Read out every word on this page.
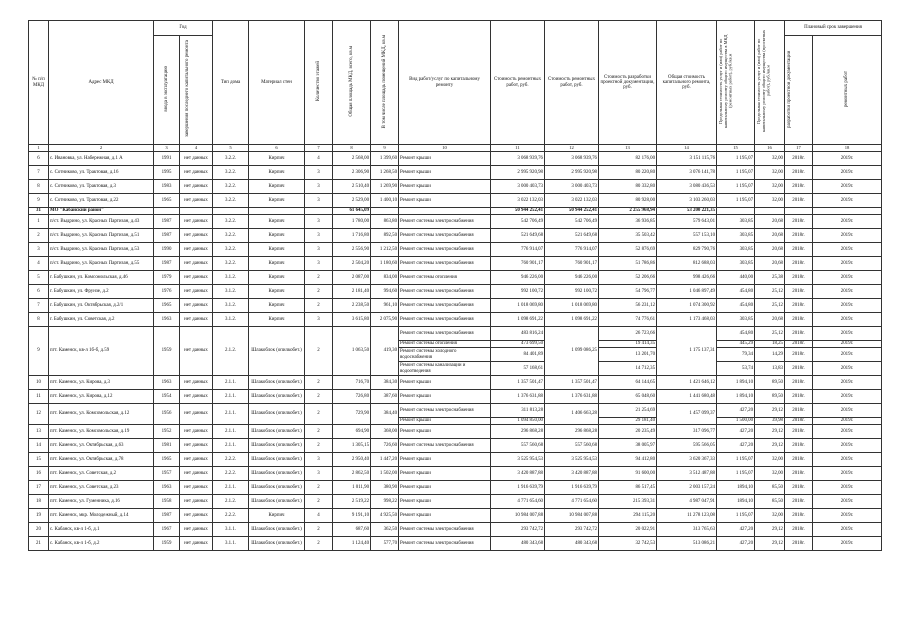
№ п/п МКД	Адрес МКД	Год		Тип дома	Материал стен	Количество этажей	Общая площадь МКД, всего, кв.м	В том числе площадь помещений МКД, кв.м	Вид работ/услуг по капитальному ремонту	Стоимость ремонтных работ, руб.	Стоимость ремонтных работ, руб.	Стоимость разработки проектной документации, руб.	Общая стоимость капитального ремонта, руб.	Предельная стоимость услуг и (или) работ по капитальному ремонту общего имущества в МКД (ремонтных работ), руб./кв.м	Предельная стоимость услуг и (или) работ по капитальному ремонту общего имущества (проектных работ), руб./кв.м	Плановый срок завершения	
		ввода в эксплуатацию	завершения последнего капитального ремонта													разработки проектной документации	ремонтных работ
1	2	3	4	5	6	7	8	9	10	11	12	13	14	15	16	17	18
6	с. Ивановка, ул. Набережная, д.1 А	1991	нет данных	3.2.2.	Кирпич	4	2 568,00	1 399,60	Ремонт крыши	3 068 939,76	3 068 939,76	82 176,00	3 151 115,76	1 195,07	32,00	2018г.	2019г.
7	с. Сотниково, ул. Трактовая, д.16	1995	нет данных	3.2.2.	Кирпич	3	2 306,90	1 268,50	Ремонт крыши	2 995 920,98	2 995 920,98	80 220,80	3 076 141,78	1 195,07	32,00	2018г.	2019г.
8	с. Сотниково, ул. Трактовая, д.3	1983	нет данных	3.2.2.	Кирпич	3	2 510,40	1 269,90	Ремонт крыши	3 000 403,73	3 000 403,73	80 332,80	3 080 436,53	1 195,07	32,00	2018г.	2019г.
9	с. Сотниково, ул. Трактовая, д.22	1965	нет данных	3.2.2.	Кирпич	3	2 529,00	1 400,10	Ремонт крыши	3 022 132,03	3 022 132,03	80 928,00	3 103 260,03	1 195,07	32,00	2018г.	2019г.
31	МО "Кабанский район"						61 645,09			50 944 252,41	50 944 252,41	2 255 968,94	53 200 221,35				
1	п/ст. Выдрино, ул. Красных Партизан, д.43	1987	нет данных	3.2.2.	Кирпич	3	1 780,00	863,80	Ремонт системы электроснабжения	542 706,49	542 706,49	36 936,85	579 643,01	303,85	20,68	2018г.	2019г.
2	п/ст. Выдрино, ул. Красных Партизан, д.51	1987	нет данных	3.2.2.	Кирпич	3	1 716,80	892,50	Ремонт системы электроснабжения	521 649,68	521 649,68	35 503,42	557 153,10	303,85	20,68	2018г.	2019г.
3	п/ст. Выдрино, ул. Красных Партизан, д.53	1990	нет данных	3.2.2.	Кирпич	3	2 556,90	1 212,50	Ремонт системы электроснабжения	776 914,07	776 914,07	52 876,69	829 790,76	303,85	20,68	2018г.	2019г.
4	п/ст. Выдрино, ул. Красных Партизан, д.55	1987	нет данных	3.2.2.	Кирпич	3	2 504,20	1 180,60	Ремонт системы электроснабжения	760 901,17	760 901,17	51 786,86	812 688,03	303,85	20,68	2018г.	2019г.
5	г. Бабушкин, ул. Комсомольская, д.46	1979	нет данных	3.1.2.	Кирпич	2	2 087,00	834,00	Ремонт системы отопления	946 226,00	946 226,00	52 206,66	998 426,66	440,00	25,38	2018г.	2019г.
6	г. Бабушкин, ул. Фрунзе, д.2	1976	нет данных	3.1.2.	Кирпич	2	2 181,40	994,60	Ремонт системы электроснабжения	992 100,72	992 100,72	54 796,77	1 046 897,49	454,80	25,12	2018г.	2019г.
7	г. Бабушкин, ул. Октябрьская, д.2/1	1965	нет данных	3.1.2.	Кирпич	2	2 238,50	961,10	Ремонт системы электроснабжения	1 018 069,80	1 018 069,80	56 231,12	1 074 300,92	454,80	25,12	2018г.	2019г.
8	г. Бабушкин, ул. Советская, д.2	1963	нет данных	3.1.2.	Кирпич	3	3 615,80	2 075,90	Ремонт системы электроснабжения	1 098 691,22	1 098 691,22	74 776,61	1 173 468,03	303,85	20,68	2018г.	2019г.
9	пгт. Каменск, кв-л 1б-б, д.59	1959	нет данных	2.1.2.	Шлакоблок (опилкобет.)	2	1 063,50	419,30	Ремонт системы электроснабжения	483 816,24	1 099 086,25	26 723,66	1 175 137,31	454,80	25,12	2018г.	2019г.
									Ремонт системы отопления	473 699,50		19 414,35		445,29	18,25	2018г.	2019г.
									Ремонт системы холодного водоснабжения	84 401,89		13 201,70		79,34	14,29	2018г.	2019г.
									Ремонт системы канализации и водоотведения	57 168,61		14 712,35		53,74	13,83	2018г.	2019г.
10	пгт. Каменск, ул. Кирова, д.3	1963	нет данных	2.1.1.	Шлакоблок (опилкобет.)	2	716,70	384,30	Ремонт крыши	1 357 501,47	1 357 501,47	64 144,65	1 421 646,12	1 894,10	89,50	2018г.	2019г.
11	пгт. Каменск, ул. Кирова, д.12	1954	нет данных	2.1.1.	Шлакоблок (опилкобет.)	2	726,80	387,60	Ремонт крыши	1 376 631,88	1 376 631,88	65 048,60	1 441 680,48	1 894,10	89,50	2018г.	2019г.
12	пгт. Каменск, ул. Комсомольская, д.12	1956	нет данных	2.1.1.	Шлакоблок (опилкобет.)	2	729,90	384,40	Ремонт системы электроснабжения	311 813,28	1 406 663,28	21 254,69	1 457 099,37	427,20	29,12	2018г.	2019г.
									Ремонт крыши	1 094 850,00		29 181,40		1 500,00	39,98	2018г.	2019г.
13	пгт. Каменск, ул. Комсомольская, д.19	1952	нет данных	2.1.1.	Шлакоблок (опилкобет.)	2	694,90	368,00	Ремонт крыши	296 868,28	296 868,28	20 235,49	317 096,77	427,20	29,12	2018г.	2019г.
14	пгт. Каменск, ул. Октябрьская, д.63	1981	нет данных	2.1.1.	Шлакоблок (опилкобет.)	2	1 305,15	726,60	Ремонт системы электроснабжения	557 560,68	557 560,68	38 005,97	595 566,05	427,20	29,12	2018г.	2019г.
15	пгт. Каменск, ул. Октябрьская, д.78	1965	нет данных	2.2.2.	Шлакоблок (опилкобет.)	3	2 950,40	1 447,20	Ремонт крыши	3 525 954,53	3 525 954,53	94 412,80	3 620 367,33	1 195,07	32,00	2018г.	2019г.
16	пгт. Каменск, ул. Советская, д.2	1957	нет данных	2.2.2.	Шлакоблок (опилкобет.)	3	2 862,50	1 502,00	Ремонт крыши	3 420 887,88	3 420 887,88	91 600,00	3 512 487,88	1 195,07	32,00	2018г.	2019г.
17	пгт. Каменск, ул. Советская, д.23	1963	нет данных	2.1.1.	Шлакоблок (опилкобет.)	2	1 011,90	380,90	Ремонт крыши	1 916 639,79	1 916 639,79	86 517,45	2 003 157,24	1894,10	85,50	2018г.	2019г.
18	пгт. Каменск, ул. Гуменника, д.16	1958	нет данных	2.1.2.	Шлакоблок (опилкобет.)	2	2 519,22	998,22	Ремонт крыши	4 771 654,60	4 771 654,60	215 393,31	4 987 047,91	1894,10	85,50	2018г.	2019г.
19	пгт. Каменск, мкр. Молодежный, д.14	1987	нет данных	2.2.2.	Кирпич	4	9 191,10	4 925,50	Ремонт крыши	10 984 007,88	10 984 007,88	294 115,20	11 278 123,08	1 195,07	32,00	2018г.	2019г.
20	с. Кабанск, кв-л 1-б, д.1	1967	нет данных	3.1.1.	Шлакоблок (опилкобет.)	2	687,60	362,50	Ремонт системы электроснабжения	293 742,72	293 742,72	20 022,91	313 765,63	427,20	29,12	2018г.	2019г.
21	с. Кабанск, кв-л 1-б, д.2	1959	нет данных	3.1.1.	Шлакоблок (опилкобет.)	2	1 124,40	577,70	Ремонт системы электроснабжения	480 343,68	480 343,68	32 742,53	513 086,21	427,20	29,12	2018г.	2019г.
